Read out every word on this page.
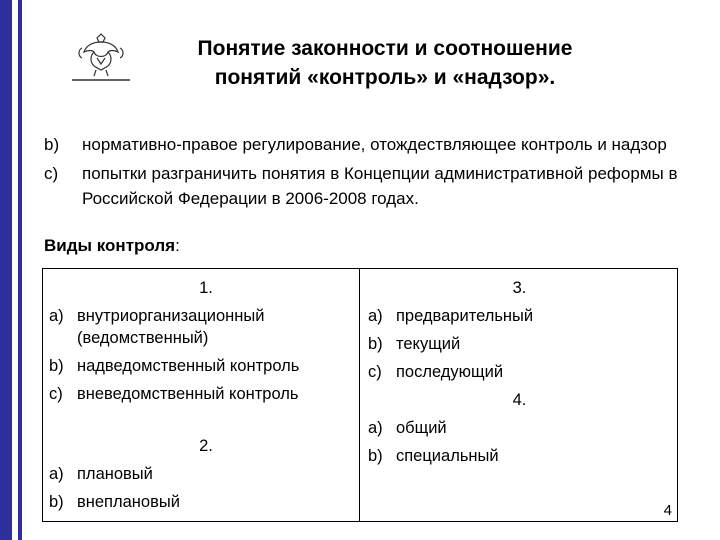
Понятие законности и соотношение
понятий «контроль» и «надзор».
b)	нормативно-правое регулирование, отождествляющее контроль и надзор
c)	попытки разграничить понятия в Концепции административной реформы в Российской Федерации в 2006-2008 годах.
Виды контроля:
1.
a) внутриорганизационный (ведомственный)
b) надведомственный контроль
c) вневедомственный контроль
2.
a) плановый
b) внеплановый
3.
a) предварительный
b) текущий
c) последующий
4.
a) общий
b) специальный
4
